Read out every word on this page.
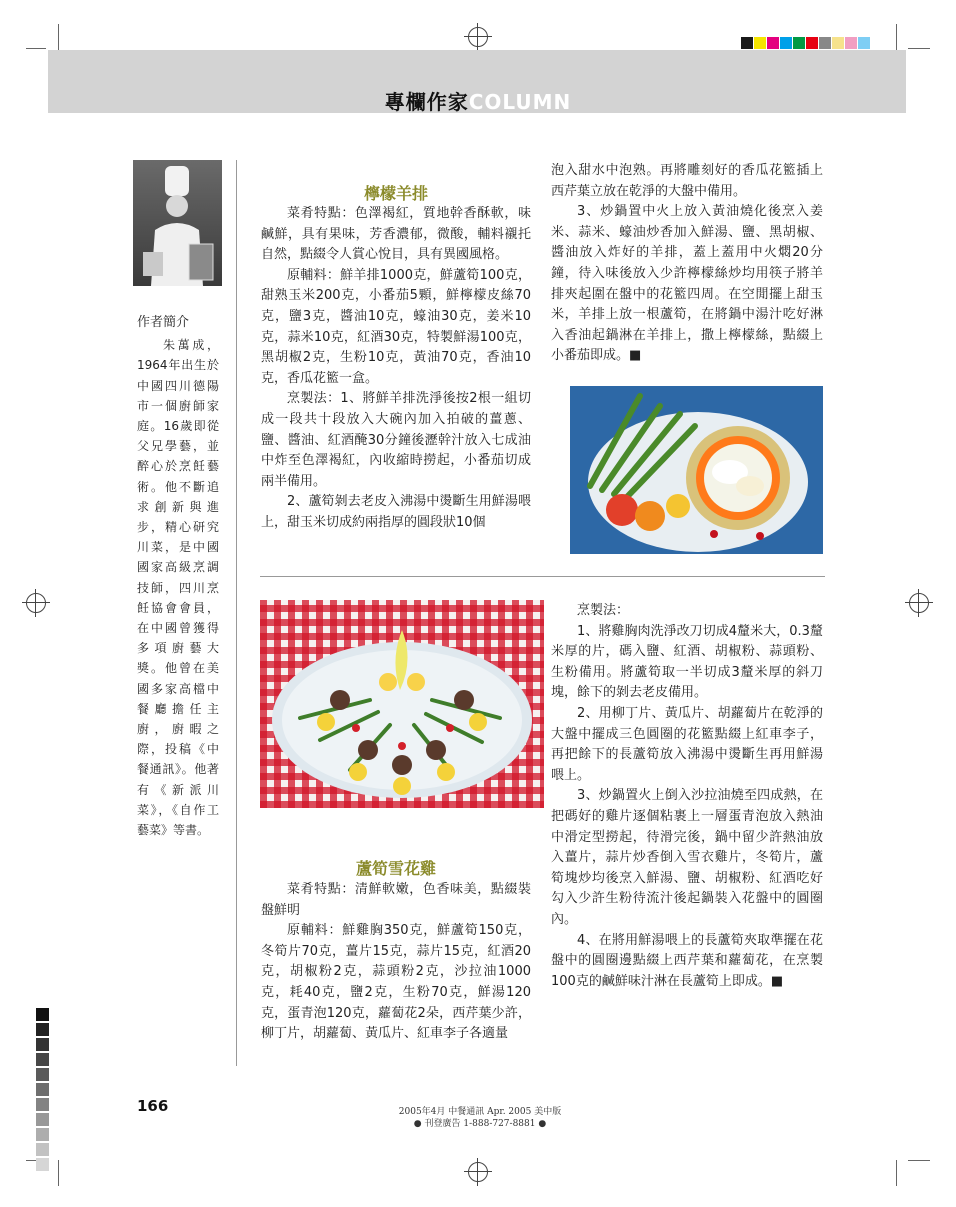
專欄作家COLUMN
作者簡介
朱萬成，1964年出生於中國四川德陽市一個廚師家庭。16歲即從父兄學藝，並醉心於烹飪藝術。他不斷追求創新與進步，精心研究川菜，是中國國家高級烹調技師，四川烹飪協會會員，在中國曾獲得多項廚藝大獎。他曾在美國多家高檔中餐廳擔任主廚，廚暇之際，投稿《中餐通訊》。他著有《新派川菜》，《自作工藝菜》等書。
檸檬羊排

菜肴特點：色澤褐紅，質地幹香酥軟，味鹹鮮，具有果味，芳香濃郁，微酸，輔料襯托自然，點綴令人賞心悅目，具有異國風格。

原輔料：鮮羊排1000克，鮮蘆筍100克，甜熟玉米200克，小番茄5顆，鮮檸檬皮絲70克，鹽3克，醬油10克，蠔油30克，姜米10克，蒜米10克，紅酒30克，特製鮮湯100克，黑胡椒2克，生粉10克，黃油70克，香油10克，香瓜花籃一盒。

烹製法：1、將鮮羊排洗淨後按2根一組切成一段共十段放入大碗內加入拍破的薑蔥、鹽、醬油、紅酒醃30分鐘後瀝幹汁放入七成油中炸至色澤褐紅，內收縮時撈起，小番茄切成兩半備用。

2、蘆筍剝去老皮入沸湯中燙斷生用鮮湯喂上，甜玉米切成約兩指厚的圓段狀10個

泡入甜水中泡熟。再將雕刻好的香瓜花籃插上西芹葉立放在乾淨的大盤中備用。

3、炒鍋置中火上放入黃油燒化後烹入姜米、蒜米、蠔油炒香加入鮮湯、鹽、黑胡椒、醬油放入炸好的羊排，蓋上蓋用中火燜20分鐘，待入味後放入少許檸檬絲炒均用筷子將羊排夾起圍在盤中的花籃四周。在空閒擺上甜玉米，羊排上放一根蘆筍，在將鍋中湯汁吃好淋入香油起鍋淋在羊排上，撒上檸檬絲，點綴上小番茄即成。■

蘆筍雪花雞

菜肴特點：清鮮軟嫩，色香味美，點綴裝盤鮮明

原輔料：鮮雞胸350克，鮮蘆筍150克，冬筍片70克，薑片15克，蒜片15克，紅酒20克，胡椒粉2克，蒜頭粉2克，沙拉油1000克，耗40克，鹽2克，生粉70克，鮮湯120克，蛋青泡120克，蘿蔔花2朵，西芹葉少許，柳丁片，胡蘿蔔、黃瓜片、紅車李子各適量

烹製法：

1、將雞胸肉洗淨改刀切成4釐米大，0.3釐米厚的片，碼入鹽、紅酒、胡椒粉、蒜頭粉、生粉備用。將蘆筍取一半切成3釐米厚的斜刀塊，餘下的剝去老皮備用。

2、用柳丁片、黃瓜片、胡蘿蔔片在乾淨的大盤中擺成三色圓圈的花籃點綴上紅車李子，再把餘下的長蘆筍放入沸湯中燙斷生再用鮮湯喂上。

3、炒鍋置火上倒入沙拉油燒至四成熱，在把碼好的雞片逐個粘裹上一層蛋青泡放入熱油中滑定型撈起，待滑完後，鍋中留少許熱油放入薑片，蒜片炒香倒入雪衣雞片，冬筍片，蘆筍塊炒均後烹入鮮湯、鹽、胡椒粉、紅酒吃好勾入少許生粉待流汁後起鍋裝入花盤中的圓圈內。

4、在將用鮮湯喂上的長蘆筍夾取準擺在花盤中的圓圈邊點綴上西芹葉和蘿蔔花，在烹製100克的鹹鮮味汁淋在長蘆筍上即成。■

166	2005年4月 中餐通訊 Apr. 2005 美中版
● 刊登廣告 1-888-727-8881 ●
